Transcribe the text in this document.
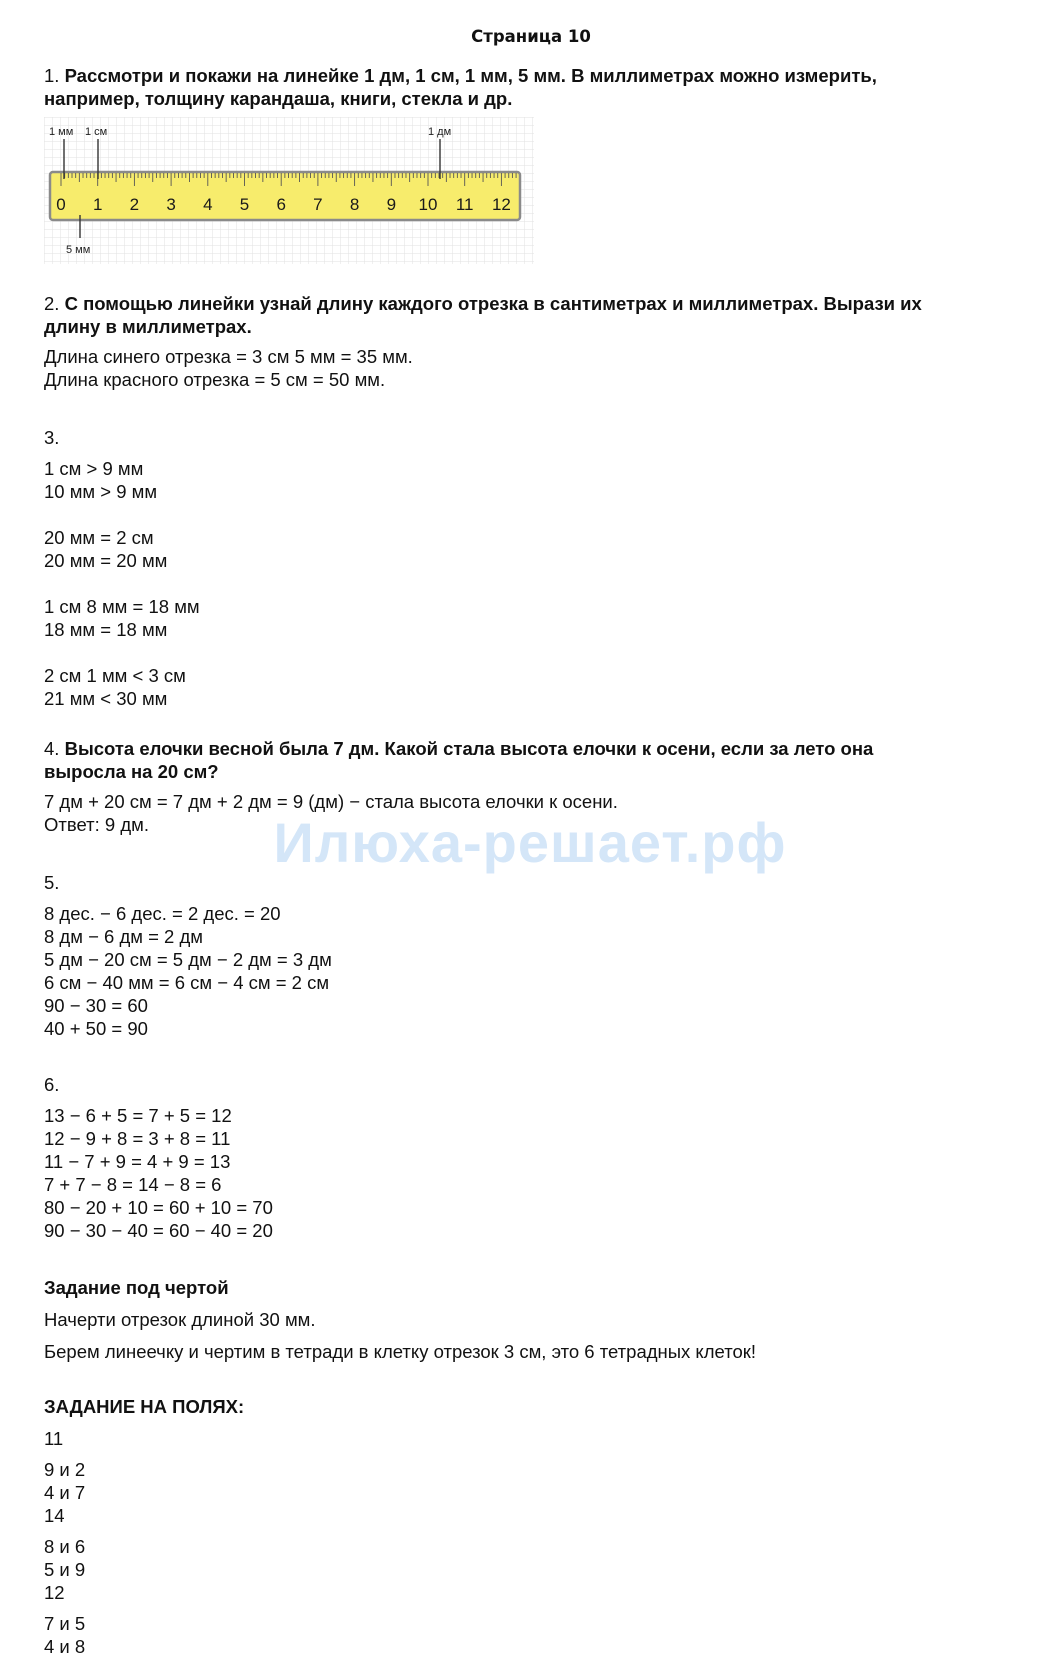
Страница 10
1. Рассмотри и покажи на линейке 1 дм, 1 см, 1 мм, 5 мм. В миллиметрах можно измерить,
например, толщину карандаша, книги, стекла и др.
0 1 2 3 4 5 6 7 8 9 10 11 12
1 мм 1 см	1 дм
5 мм
2. С помощью линейки узнай длину каждого отрезка в сантиметрах и миллиметрах. Вырази их
длину в миллиметрах.
Длина синего отрезка = 3 см 5 мм = 35 мм.
Длина красного отрезка = 5 см = 50 мм.
3.
1 см > 9 мм
10 мм > 9 мм
20 мм = 2 см
20 мм = 20 мм
1 см 8 мм = 18 мм
18 мм = 18 мм
2 см 1 мм < 3 см
21 мм < 30 мм
4. Высота елочки весной была 7 дм. Какой стала высота елочки к осени, если за лето она
выросла на 20 см?
7 дм + 20 см = 7 дм + 2 дм = 9 (дм) − стала высота елочки к осени.
Ответ: 9 дм.	Илюха-решает.рф
5.
8 дес. − 6 дес. = 2 дес. = 20
8 дм − 6 дм = 2 дм
5 дм − 20 см = 5 дм − 2 дм = 3 дм
6 см − 40 мм = 6 см − 4 см = 2 см
90 − 30 = 60
40 + 50 = 90
6.
13 − 6 + 5 = 7 + 5 = 12
12 − 9 + 8 = 3 + 8 = 11
11 − 7 + 9 = 4 + 9 = 13
7 + 7 − 8 = 14 − 8 = 6
80 − 20 + 10 = 60 + 10 = 70
90 − 30 − 40 = 60 − 40 = 20
Задание под чертой
Начерти отрезок длиной 30 мм.
Берем линеечку и чертим в тетради в клетку отрезок 3 см, это 6 тетрадных клеток!
ЗАДАНИЕ НА ПОЛЯХ:
11
9 и 2
4 и 7
14
8 и 6
5 и 9
12
7 и 5
4 и 8
